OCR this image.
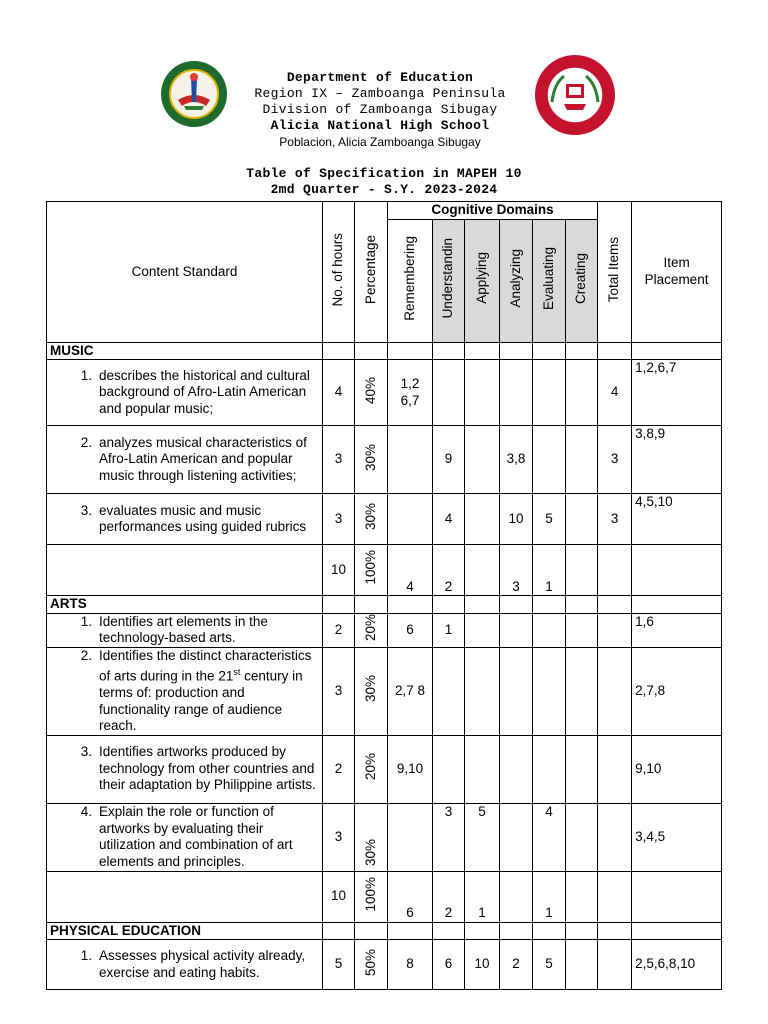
Department of Education
Region IX – Zamboanga Peninsula
Division of Zamboanga Sibugay
Alicia National High School
Poblacion, Alicia Zamboanga Sibugay
Table of Specification in MAPEH 10
2md Quarter - S.Y. 2023-2024
Content Standard	No. of hours	Percentage	Cognitive Domains						Total Items	Item Placement
			Remembering	Understandin	Applying	Analyzing	Evaluating	Creating		
MUSIC										

1. describes the historical and cultural background of Afro-Latin American and popular music;	4	40%	1,2 6,7						4	1,2,6,7

2. analyzes musical characteristics of Afro-Latin American and popular music through listening activities;	3	30%		9		3,8			3	3,8,9

3. evaluates music and music performances using guided rubrics	3	30%		4		10	5		3	4,5,10
	10	100%	4	2		3	1			
ARTS										

1. Identifies art elements in the technology-based arts.	2	20%	6	1						1,6

2. Identifies the distinct characteristics of arts during in the 21st century in terms of: production and functionality range of audience reach.	3	30%	2,7 8							2,7,8

3. Identifies artworks produced by technology from other countries and their adaptation by Philippine artists.	2	20%	9,10							9,10

4. Explain the role or function of artworks by evaluating their utilization and combination of art elements and principles.	3	30%		3	5		4			3,4,5
	10	100%	6	2	1		1			
PHYSICAL EDUCATION										

1. Assesses physical activity already, exercise and eating habits.	5	50%	8	6	10	2	5			2,5,6,8,10
